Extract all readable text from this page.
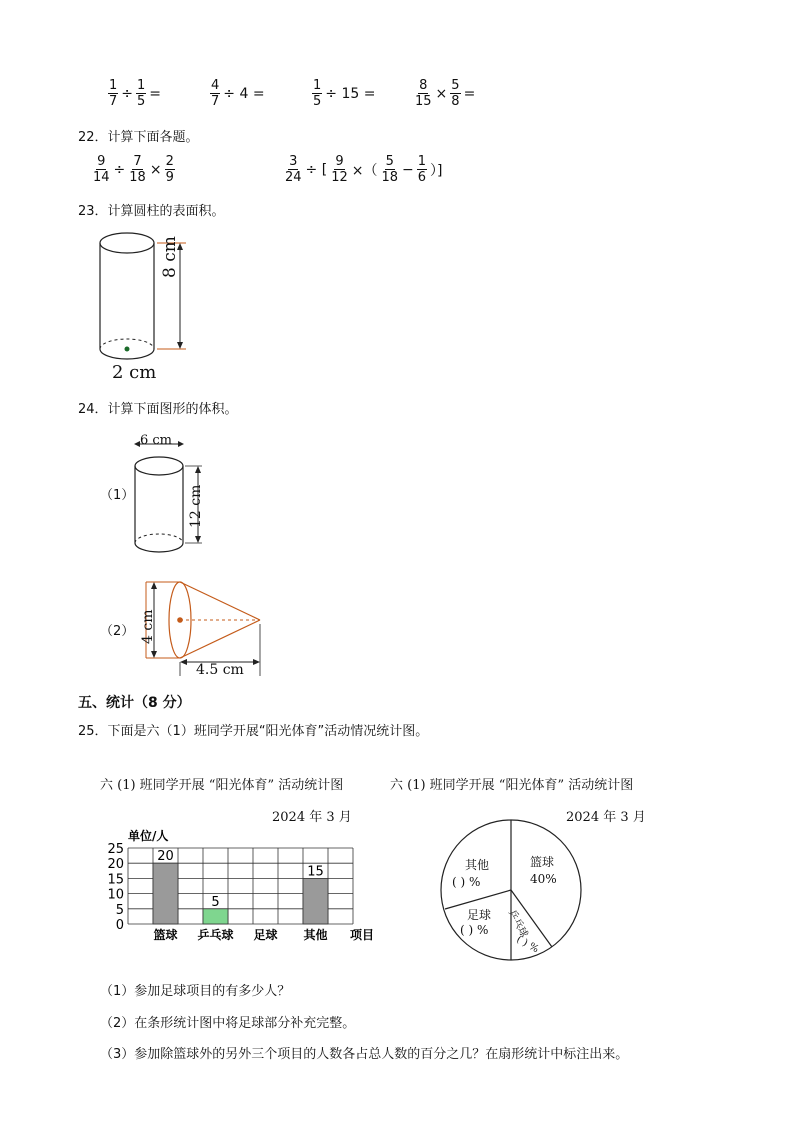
$\frac{1}{7} \div \frac{1}{5}$ =	$\frac{4}{7} \div 4$ =	$\frac{1}{5} \div 15$ =	$\frac{8}{15} \times \frac{5}{8}$ =
22．计算下面各题。
$\frac{9}{14} \div \frac{7}{18} \times \frac{2}{9}$	$\frac{3}{24}$ ÷ [ $\frac{9}{12}$ ×（ $\frac{5}{18} - \frac{1}{6}$ ）]
23．计算圆柱的表面积。
8 cm
2 cm
24．计算下面图形的体积。
（1）
6 cm
12 cm
（2） 4 cm
4.5 cm
五、统计（8 分）
25．下面是六（1）班同学开展“阳光体育”活动情况统计图。
六 (1) 班同学开展 “阳光体育” 活动统计图	六 (1) 班同学开展 “阳光体育” 活动统计图
2024 年 3 月	2024 年 3 月
单位/人
0
5
10
15
20
25	20
5
15
篮球 乒乓球 足球 其他 项目
其他
( ) %
篮球
40%
足球
( ) % 乒乓球
( ) %
（1）参加足球项目的有多少人？
（2）在条形统计图中将足球部分补充完整。
（3）参加除篮球外的另外三个项目的人数各占总人数的百分之几？在扇形统计中标注出来。
